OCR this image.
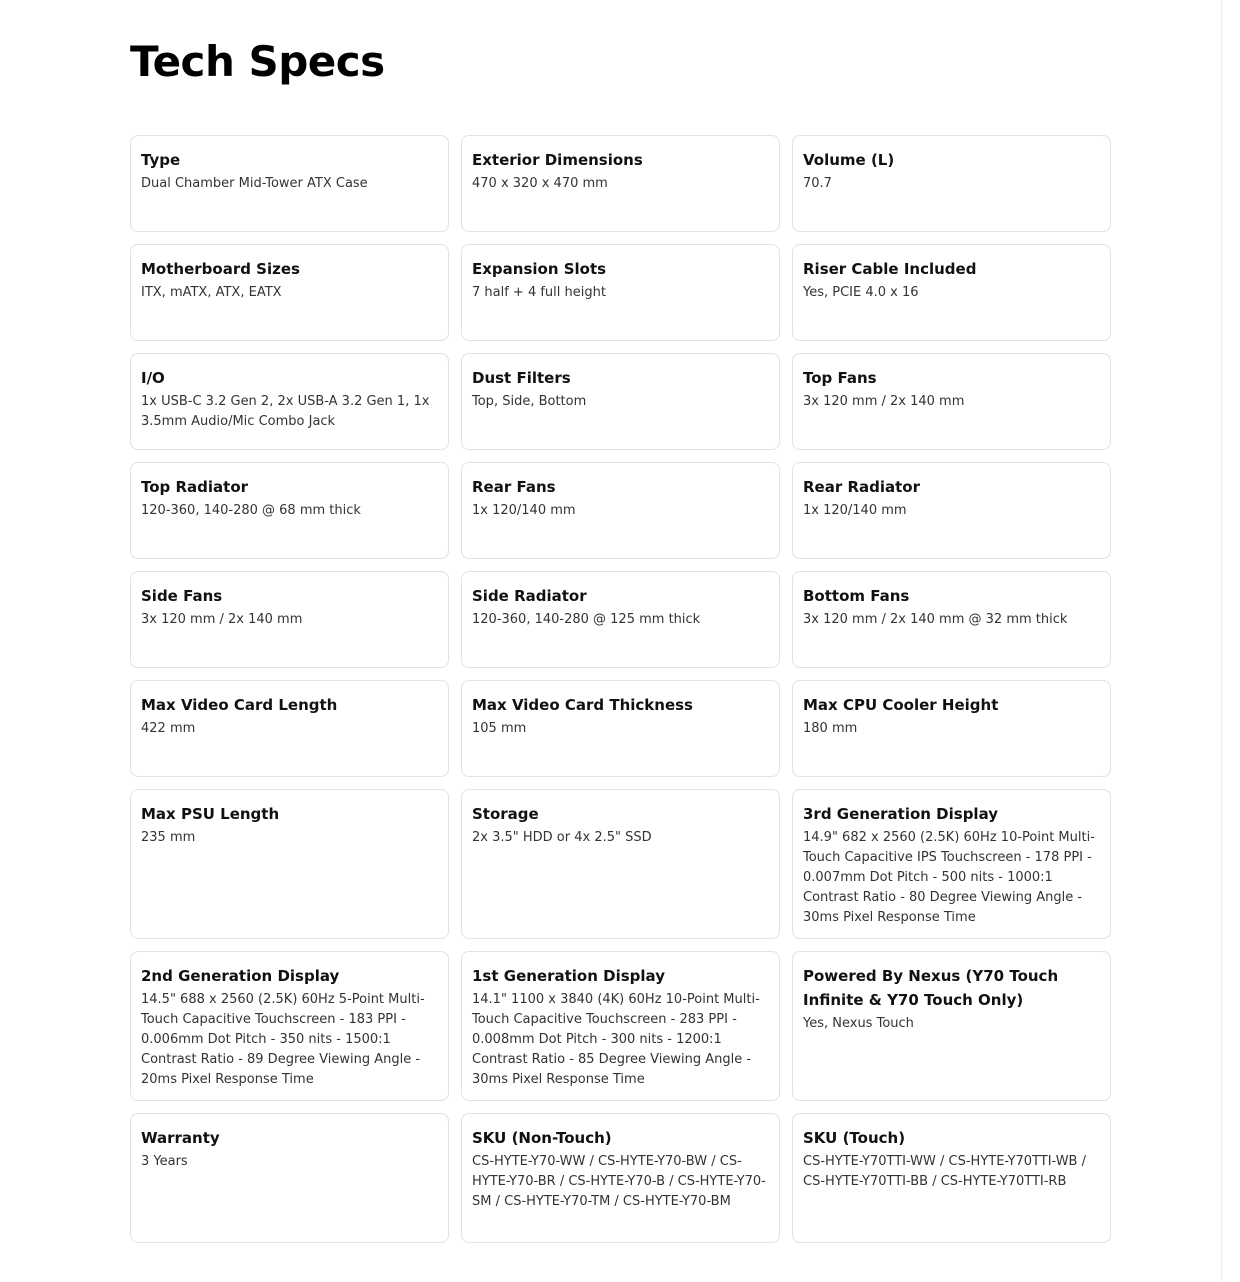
Tech Specs
Type
Dual Chamber Mid-Tower ATX Case
Exterior Dimensions
470 x 320 x 470 mm
Volume (L)
70.7
Motherboard Sizes
ITX, mATX, ATX, EATX
Expansion Slots
7 half + 4 full height
Riser Cable Included
Yes, PCIE 4.0 x 16
I/O
1x USB-C 3.2 Gen 2, 2x USB-A 3.2 Gen 1, 1x 3.5mm Audio/Mic Combo Jack
Dust Filters
Top, Side, Bottom
Top Fans
3x 120 mm / 2x 140 mm
Top Radiator
120-360, 140-280 @ 68 mm thick
Rear Fans
1x 120/140 mm
Rear Radiator
1x 120/140 mm
Side Fans
3x 120 mm / 2x 140 mm
Side Radiator
120-360, 140-280 @ 125 mm thick
Bottom Fans
3x 120 mm / 2x 140 mm @ 32 mm thick
Max Video Card Length
422 mm
Max Video Card Thickness
105 mm
Max CPU Cooler Height
180 mm
Max PSU Length
235 mm
Storage
2x 3.5" HDD or 4x 2.5" SSD
3rd Generation Display
14.9" 682 x 2560 (2.5K) 60Hz 10-Point Multi-Touch Capacitive IPS Touchscreen - 178 PPI - 0.007mm Dot Pitch - 500 nits - 1000:1 Contrast Ratio - 80 Degree Viewing Angle - 30ms Pixel Response Time
2nd Generation Display
14.5" 688 x 2560 (2.5K) 60Hz 5-Point Multi-Touch Capacitive Touchscreen - 183 PPI - 0.006mm Dot Pitch - 350 nits - 1500:1 Contrast Ratio - 89 Degree Viewing Angle - 20ms Pixel Response Time
1st Generation Display
14.1" 1100 x 3840 (4K) 60Hz 10-Point Multi-Touch Capacitive Touchscreen - 283 PPI - 0.008mm Dot Pitch - 300 nits - 1200:1 Contrast Ratio - 85 Degree Viewing Angle - 30ms Pixel Response Time
Powered By Nexus (Y70 Touch Infinite & Y70 Touch Only)
Yes, Nexus Touch
Warranty
3 Years
SKU (Non-Touch)
CS-HYTE-Y70-WW / CS-HYTE-Y70-BW / CS-HYTE-Y70-BR / CS-HYTE-Y70-B / CS-HYTE-Y70-SM / CS-HYTE-Y70-TM / CS-HYTE-Y70-BM
SKU (Touch)
CS-HYTE-Y70TTI-WW / CS-HYTE-Y70TTI-WB / CS-HYTE-Y70TTI-BB / CS-HYTE-Y70TTI-RB
